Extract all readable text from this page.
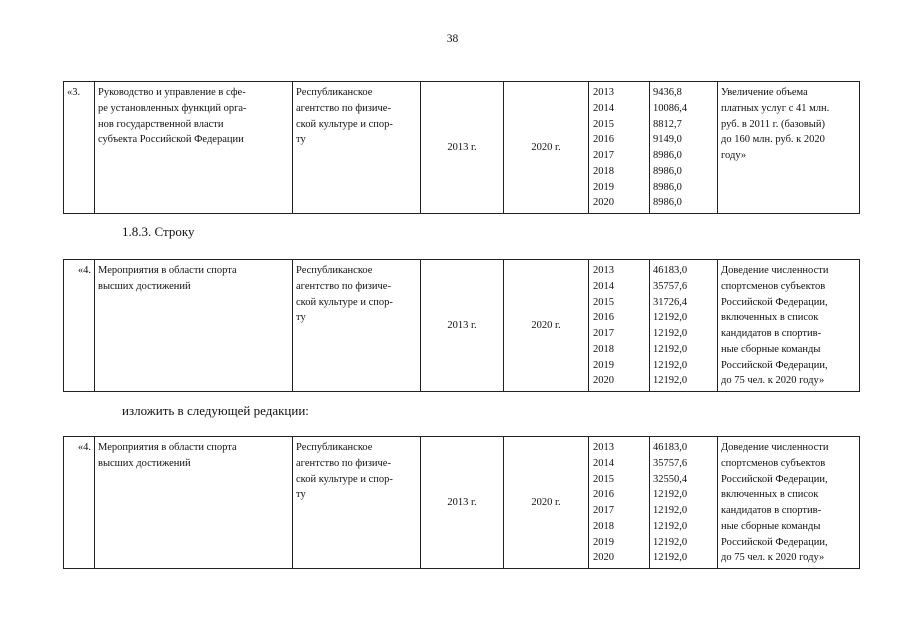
38
«3.	Руководство и управление в сфе-
ре установленных функций орга-
нов государственной власти
субъекта Российской Федерации

Республиканское
агентство по физиче-
ской культуре и спор-
ту
	2013 г.	2020 г.	
2013
2014
2015
2016
2017
2018
2019
2020

9436,8
10086,4
8812,7
9149,0
8986,0
8986,0
8986,0
8986,0

Увеличение объема
платных услуг с 41 млн.
руб. в 2011 г. (базовый)
до 160 млн. руб. к 2020
году»
1.8.3. Строку
«4.	Мероприятия в области спорта
высших достижений

Республиканское
агентство по физиче-
ской культуре и спор-
ту
	2013 г.	2020 г.	
2013
2014
2015
2016
2017
2018
2019
2020

46183,0
35757,6
31726,4
12192,0
12192,0
12192,0
12192,0
12192,0

Доведение численности
спортсменов субъектов
Российской Федерации,
включенных в список
кандидатов в спортив-
ные сборные команды
Российской Федерации,
до 75 чел. к 2020 году»
изложить в следующей редакции:
«4.	Мероприятия в области спорта
высших достижений

Республиканское
агентство по физиче-
ской культуре и спор-
ту
	2013 г.	2020 г.	
2013
2014
2015
2016
2017
2018
2019
2020

46183,0
35757,6
32550,4
12192,0
12192,0
12192,0
12192,0
12192,0

Доведение численности
спортсменов субъектов
Российской Федерации,
включенных в список
кандидатов в спортив-
ные сборные команды
Российской Федерации,
до 75 чел. к 2020 году»
